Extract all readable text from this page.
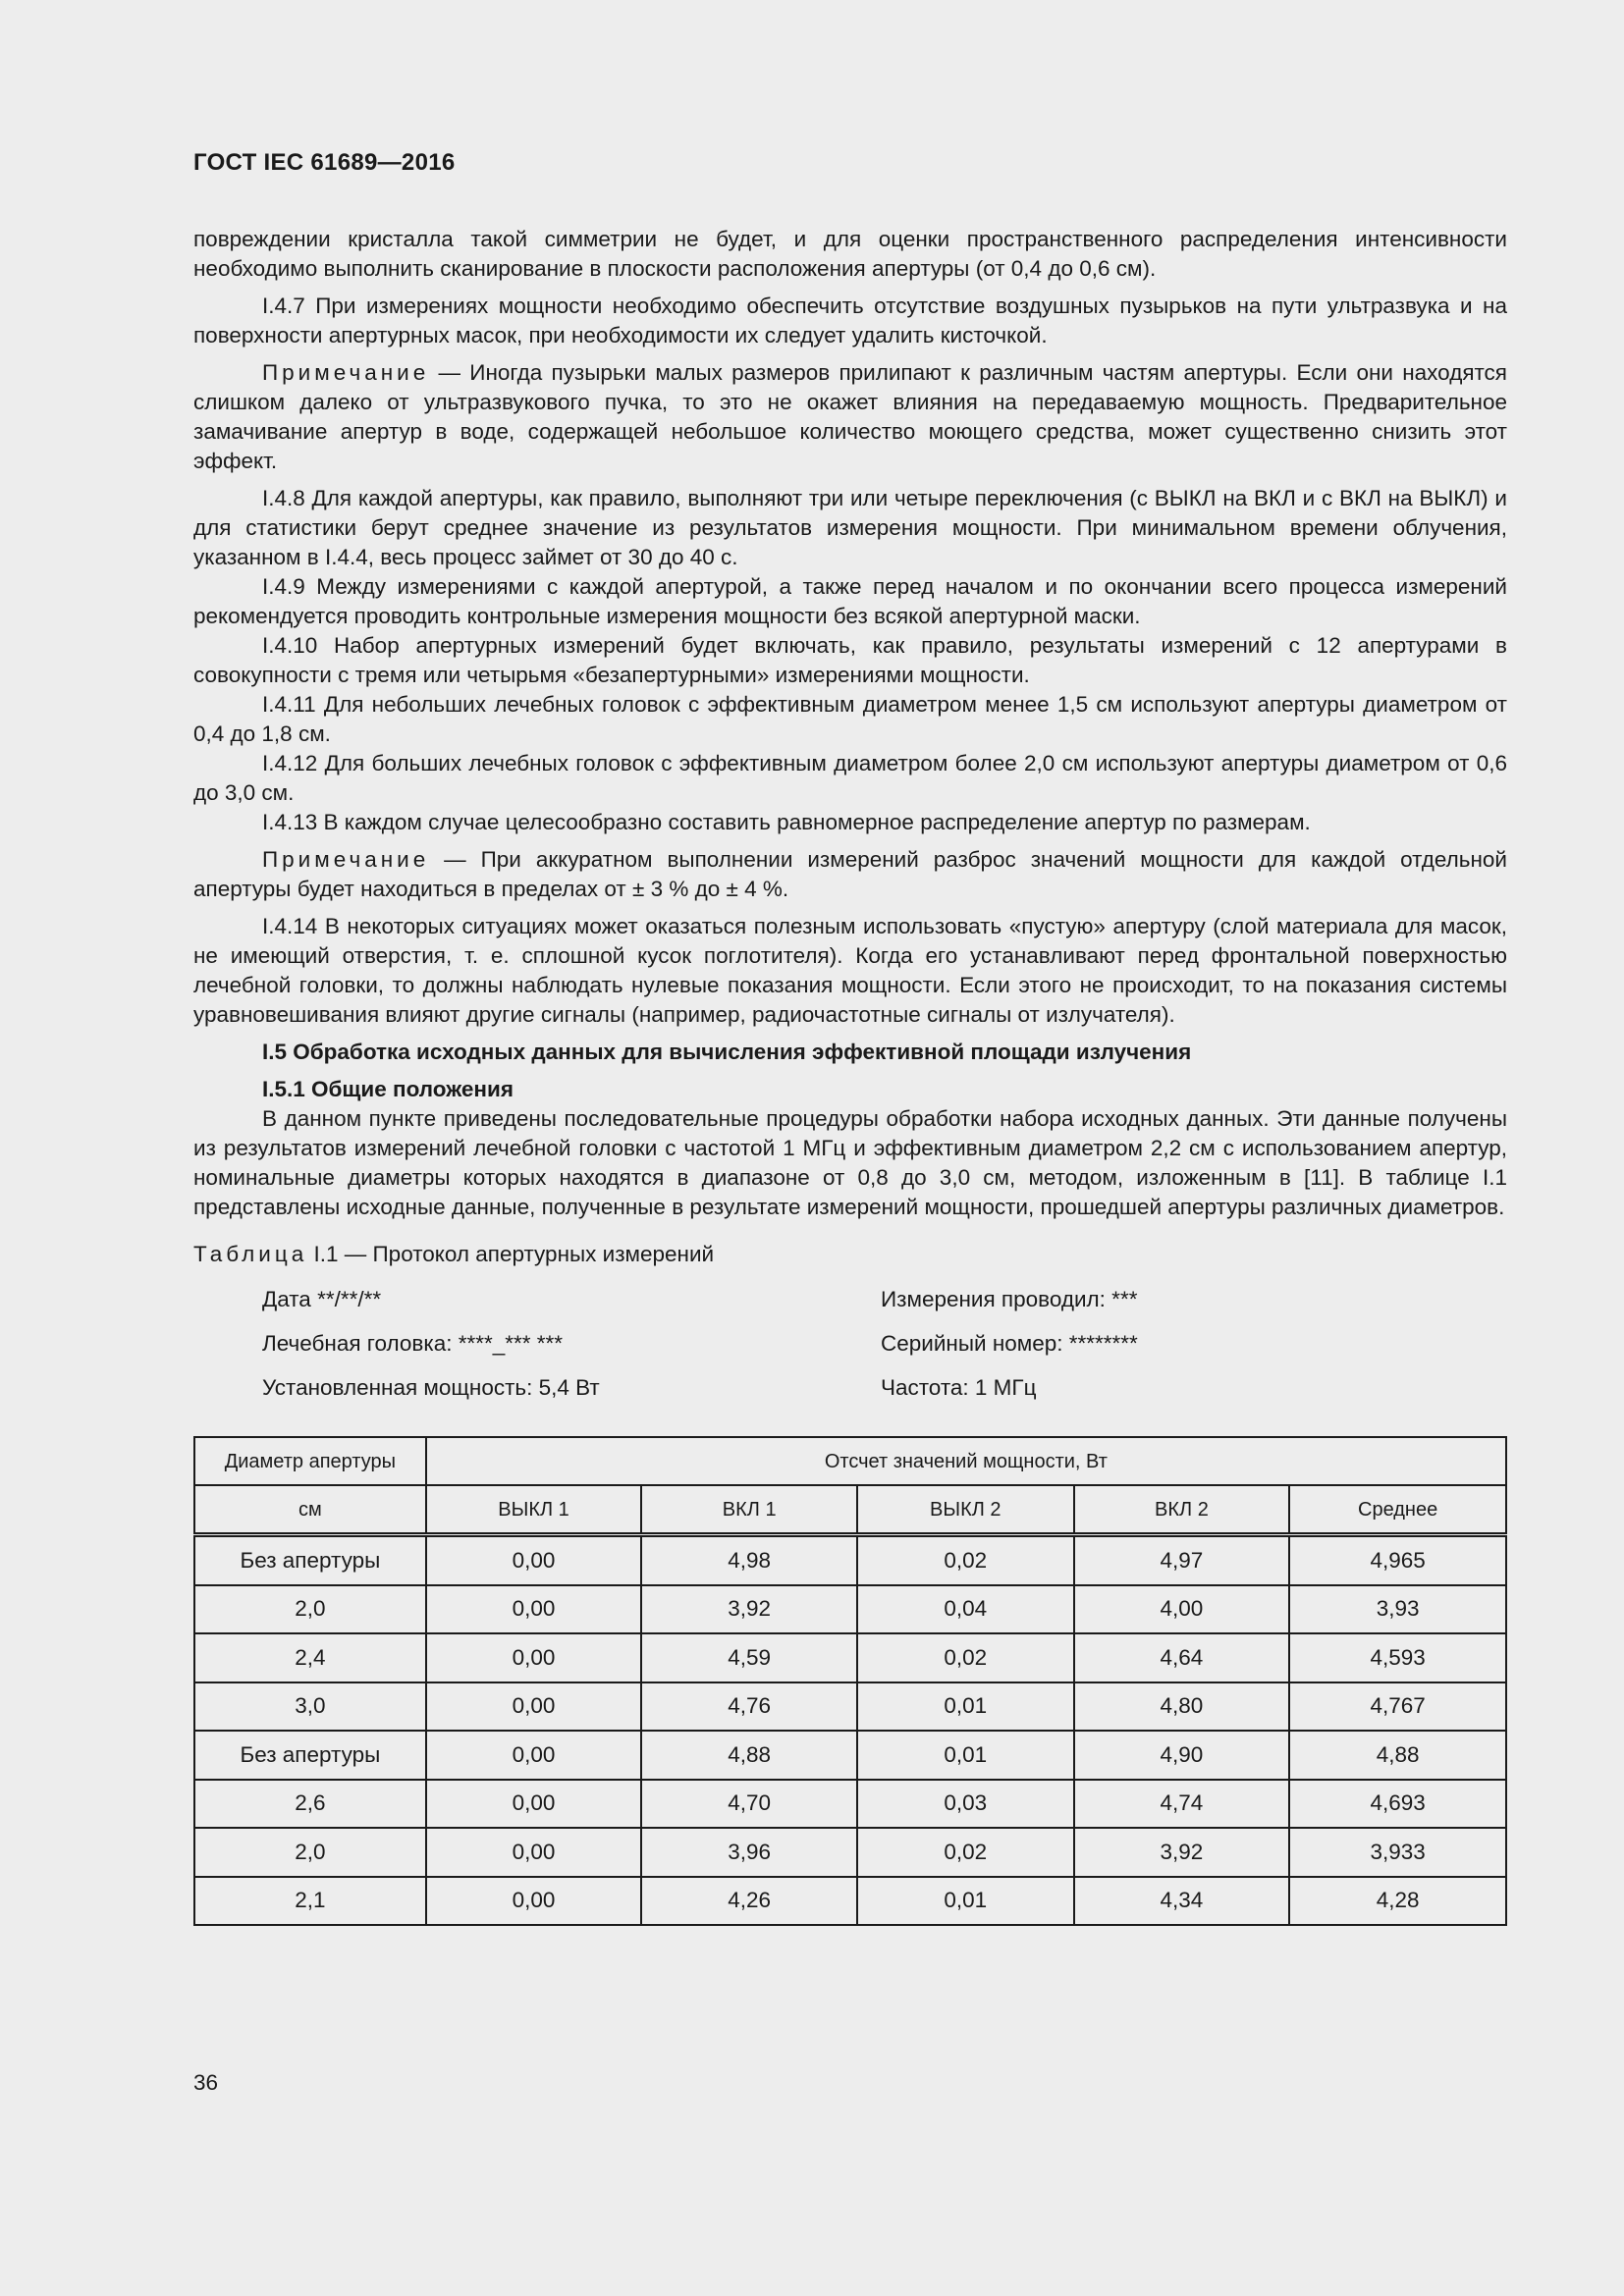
ГОСТ IEC 61689—2016

повреждении кристалла такой симметрии не будет, и для оценки пространственного распределения интенсивности необходимо выполнить сканирование в плоскости расположения апертуры (от 0,4 до 0,6 см).

I.4.7 При измерениях мощности необходимо обеспечить отсутствие воздушных пузырьков на пути ультразвука и на поверхности апертурных масок, при необходимости их следует удалить кисточкой.

Примечание — Иногда пузырьки малых размеров прилипают к различным частям апертуры. Если они находятся слишком далеко от ультразвукового пучка, то это не окажет влияния на передаваемую мощность. Предварительное замачивание апертур в воде, содержащей небольшое количество моющего средства, может существенно снизить этот эффект.

I.4.8 Для каждой апертуры, как правило, выполняют три или четыре переключения (с ВЫКЛ на ВКЛ и с ВКЛ на ВЫКЛ) и для статистики берут среднее значение из результатов измерения мощности. При минимальном времени облучения, указанном в I.4.4, весь процесс займет от 30 до 40 с.

I.4.9 Между измерениями с каждой апертурой, а также перед началом и по окончании всего процесса измерений рекомендуется проводить контрольные измерения мощности без всякой апертурной маски.

I.4.10 Набор апертурных измерений будет включать, как правило, результаты измерений с 12 апертурами в совокупности с тремя или четырьмя «безапертурными» измерениями мощности.

I.4.11 Для небольших лечебных головок с эффективным диаметром менее 1,5 см используют апертуры диаметром от 0,4 до 1,8 см.

I.4.12 Для больших лечебных головок с эффективным диаметром более 2,0 см используют апертуры диаметром от 0,6 до 3,0 см.

I.4.13 В каждом случае целесообразно составить равномерное распределение апертур по размерам.

Примечание — При аккуратном выполнении измерений разброс значений мощности для каждой отдельной апертуры будет находиться в пределах от ± 3 % до ± 4 %.

I.4.14 В некоторых ситуациях может оказаться полезным использовать «пустую» апертуру (слой материала для масок, не имеющий отверстия, т. е. сплошной кусок поглотителя). Когда его устанавливают перед фронтальной поверхностью лечебной головки, то должны наблюдать нулевые показания мощности. Если этого не происходит, то на показания системы уравновешивания влияют другие сигналы (например, радиочастотные сигналы от излучателя).

I.5 Обработка исходных данных для вычисления эффективной площади излучения

I.5.1 Общие положения

В данном пункте приведены последовательные процедуры обработки набора исходных данных. Эти данные получены из результатов измерений лечебной головки с частотой 1 МГц и эффективным диаметром 2,2 см с использованием апертур, номинальные диаметры которых находятся в диапазоне от 0,8 до 3,0 см, методом, изложенным в [11]. В таблице I.1 представлены исходные данные, полученные в результате измерений мощности, прошедшей апертуры различных диаметров.

Таблица I.1 — Протокол апертурных измерений

Дата **/**/**	Измерения проводил: ***
Лечебная головка: ****_*** ***	Серийный номер: ********
Установленная мощность: 5,4 Вт	Частота: 1 МГц
Диаметр апертуры	Отсчет значений мощности, Вт				
см	ВЫКЛ 1	ВКЛ 1	ВЫКЛ 2	ВКЛ 2	Среднее
Без апертуры	0,00	4,98	0,02	4,97	4,965
2,0	0,00	3,92	0,04	4,00	3,93
2,4	0,00	4,59	0,02	4,64	4,593
3,0	0,00	4,76	0,01	4,80	4,767
Без апертуры	0,00	4,88	0,01	4,90	4,88
2,6	0,00	4,70	0,03	4,74	4,693
2,0	0,00	3,96	0,02	3,92	3,933
2,1	0,00	4,26	0,01	4,34	4,28
36
